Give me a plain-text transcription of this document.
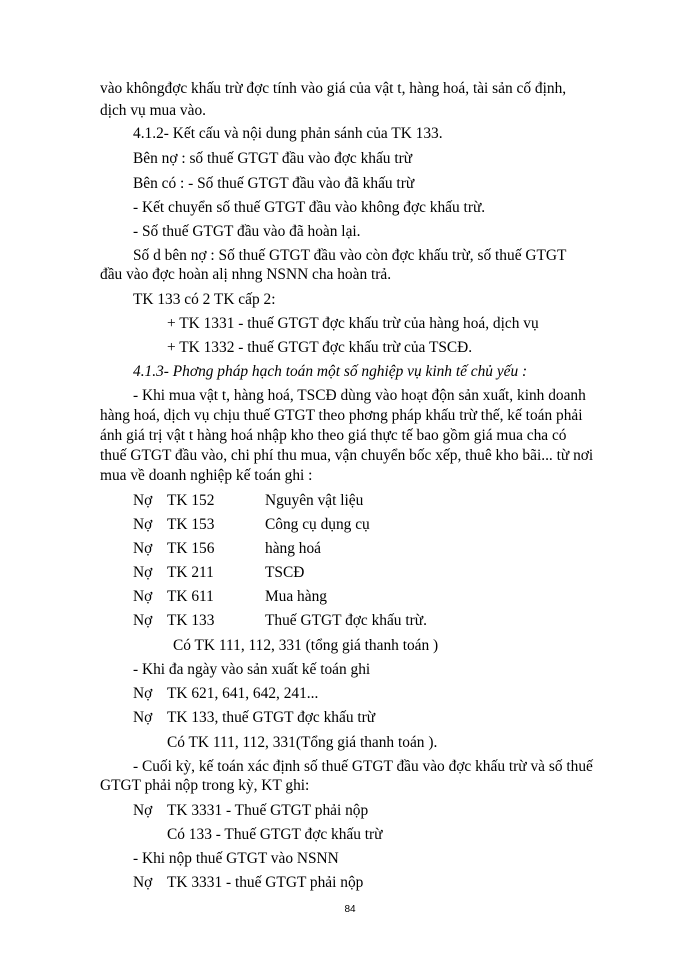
vào khôngđợc khấu trừ đợc tính vào giá của vật t, hàng hoá, tài sản cố định,
dịch vụ mua vào.
4.1.2- Kết cấu và nội dung phản sánh của TK 133.
Bên nợ : số thuế GTGT đầu vào đợc khấu trừ
Bên có : - Số thuế GTGT đầu vào đã khấu trừ
- Kết chuyển số thuế GTGT đầu vào không đợc khấu trừ.
- Số thuế GTGT đầu vào đã hoàn lại.
Số d bên nợ : Số thuế GTGT đầu vào còn đợc khấu trừ, số thuế GTGT
đầu vào đợc hoàn alị nhng NSNN cha hoàn trả.
TK 133 có 2 TK cấp 2:
+ TK 1331 - thuế GTGT đợc khấu trừ của hàng hoá, dịch vụ
+ TK 1332 - thuế GTGT đợc khấu trừ của TSCĐ.
4.1.3- Phơng pháp hạch toán một số nghiệp vụ kinh tế chủ yếu :
- Khi mua vật t, hàng hoá, TSCĐ dùng vào hoạt độn sản xuất, kinh doanh
hàng hoá, dịch vụ chịu thuế GTGT theo phơng pháp khấu trừ thế, kế toán phải
ánh giá trị vật t hàng hoá nhập kho theo giá thực tế bao gồm giá mua cha có
thuế GTGT đầu vào, chi phí thu mua, vận chuyển bốc xếp, thuê kho bãi... từ nơi
mua về doanh nghiệp kế toán ghi :
Nợ TK 152	Nguyên vật liệu
Nợ TK 153	Công cụ dụng cụ
Nợ TK 156	hàng hoá
Nợ TK 211	TSCĐ
Nợ TK 611	Mua hàng
Nợ TK 133	Thuế GTGT đợc khấu trừ.
Có TK 111, 112, 331 (tổng giá thanh toán )
- Khi đa ngày vào sản xuất kế toán ghi
Nợ TK 621, 641, 642, 241...
Nợ TK 133, thuế GTGT đợc khấu trừ
Có TK 111, 112, 331(Tổng giá thanh toán ).
- Cuối kỳ, kế toán xác định số thuế GTGT đầu vào đợc khấu trừ và số thuế
GTGT phải nộp trong kỳ, KT ghi:
Nợ TK 3331 - Thuế GTGT phải nộp
Có 133 - Thuế GTGT đợc khấu trừ
- Khi nộp thuế GTGT vào NSNN
Nợ TK 3331 - thuế GTGT phải nộp
84
